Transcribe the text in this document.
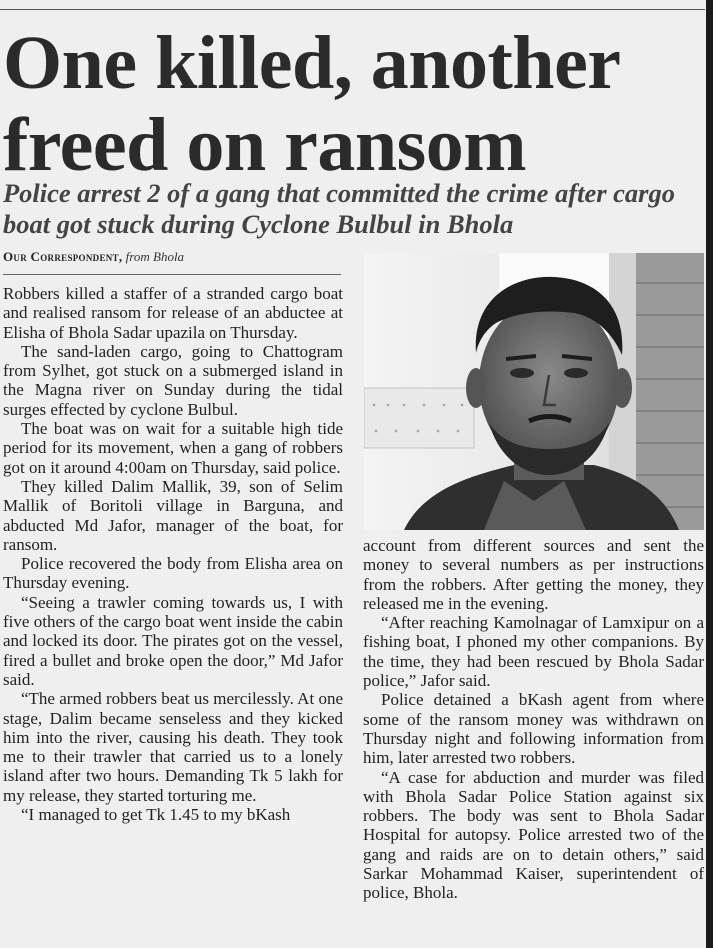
One killed, another freed on ransom
Police arrest 2 of a gang that committed the crime after cargo boat got stuck during Cyclone Bulbul in Bhola
Our Correspondent, from Bhola

Robbers killed a staffer of a stranded cargo boat and realised ransom for release of an abductee at Elisha of Bhola Sadar upazila on Thursday.

The sand-laden cargo, going to Chattogram from Sylhet, got stuck on a submerged island in the Magna river on Sunday during the tidal surges effected by cyclone Bulbul.

The boat was on wait for a suitable high tide period for its movement, when a gang of robbers got on it around 4:00am on Thursday, said police.

They killed Dalim Mallik, 39, son of Selim Mallik of Boritoli village in Barguna, and abducted Md Jafor, manager of the boat, for ransom.

Police recovered the body from Elisha area on Thursday evening.

“Seeing a trawler coming towards us, I with five others of the cargo boat went inside the cabin and locked its door. The pirates got on the vessel, fired a bullet and broke open the door,” Md Jafor said.

“The armed robbers beat us mercilessly. At one stage, Dalim became senseless and they kicked him into the river, causing his death. They took me to their trawler that carried us to a lonely island after two hours. Demanding Tk 5 lakh for my release, they started torturing me.

“I managed to get Tk 1.45 to my bKash

account from different sources and sent the money to several numbers as per instructions from the robbers. After getting the money, they released me in the evening.

“After reaching Kamolnagar of Lamxipur on a fishing boat, I phoned my other companions. By the time, they had been rescued by Bhola Sadar police,” Jafor said.

Police detained a bKash agent from where some of the ransom money was withdrawn on Thursday night and following information from him, later arrested two robbers.

“A case for abduction and murder was filed with Bhola Sadar Police Station against six robbers. The body was sent to Bhola Sadar Hospital for autopsy. Police arrested two of the gang and raids are on to detain others,” said Sarkar Mohammad Kaiser, superintendent of police, Bhola.
